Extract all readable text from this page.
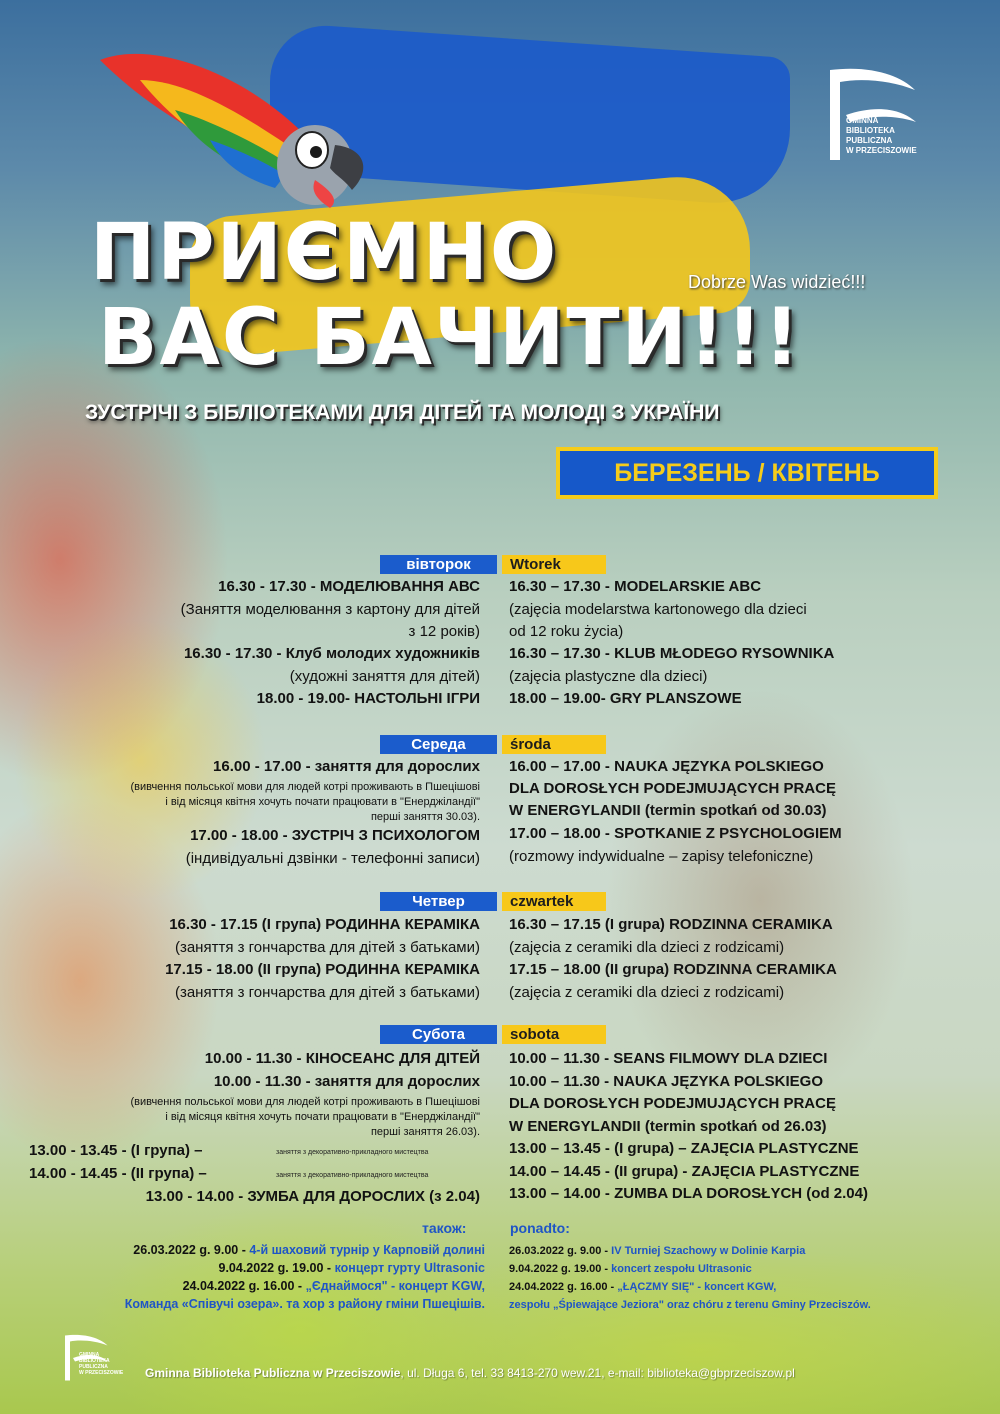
GMINNA
BIBLIOTEKA
PUBLICZNA
W PRZECISZOWIE
ПРИЄМНО	Dobrze Was widzieć!!!
ВАС БАЧИТИ!!!
ЗУСТРІЧІ З БІБЛІОТЕКАМИ ДЛЯ ДІТЕЙ ТА МОЛОДІ З УКРАЇНИ
БЕРЕЗЕНЬ / КВІТЕНЬ
вівторок	Wtorek
16.30 - 17.30 - МОДЕЛЮВАННЯ АВС
(Заняття моделювання з картону для дітей
з 12 років)
16.30 - 17.30 - Клуб молодих художників
(художні заняття для дітей)
18.00 - 19.00- НАСТОЛЬНІ ІГРИ
16.30 – 17.30 - MODELARSKIE ABC
(zajęcia modelarstwa kartonowego dla dzieci
od 12 roku życia)
16.30 – 17.30 - KLUB MŁODEGO RYSOWNIKA
(zajęcia plastyczne dla dzieci)
18.00 – 19.00- GRY PLANSZOWE
Середа	środa
16.00 - 17.00 - заняття для дорослих
(вивчення польської мови для людей котрі проживають в Пшецішові
і від місяця квітня хочуть почати працювати в "Енерджіландії"
перші заняття 30.03).
17.00 - 18.00 - ЗУСТРІЧ З ПСИХОЛОГОМ
(індивідуальні дзвінки - телефонні записи)
16.00 – 17.00 - NAUKA JĘZYKA POLSKIEGO
DLA DOROSŁYCH PODEJMUJĄCYCH PRACĘ
W ENERGYLANDII (termin spotkań od 30.03)
17.00 – 18.00 - SPOTKANIE Z PSYCHOLOGIEM
(rozmowy indywidualne – zapisy telefoniczne)
Четвер	czwartek
16.30 - 17.15 (I група) РОДИННА КЕРАМІКА
(заняття з гончарства для дітей з батьками)
17.15 - 18.00 (II група) РОДИННА КЕРАМІКА
(заняття з гончарства для дітей з батьками)
16.30 – 17.15 (I grupa) RODZINNA CERAMIKA
(zajęcia z ceramiki dla dzieci z rodzicami)
17.15 – 18.00 (II grupa) RODZINNA CERAMIKA
(zajęcia z ceramiki dla dzieci z rodzicami)
Субота	sobota
10.00 - 11.30 - КІНОСЕАНС ДЛЯ ДІТЕЙ
10.00 - 11.30 - заняття для дорослих
(вивчення польської мови для людей котрі проживають в Пшецішові
і від місяця квітня хочуть почати працювати в "Енерджіландії"
перші заняття 26.03).
13.00 - 13.45 - (I група) –	заняття з декоративно-прикладного мистецтва
14.00 - 14.45 - (II група) –	заняття з декоративно-прикладного мистецтва
13.00 - 14.00 - ЗУМБА ДЛЯ ДОРОСЛИХ (з 2.04)
10.00 – 11.30 - SEANS FILMOWY DLA DZIECI
10.00 – 11.30 - NAUKA JĘZYKA POLSKIEGO
DLA DOROSŁYCH PODEJMUJĄCYCH PRACĘ
W ENERGYLANDII (termin spotkań od 26.03)
13.00 – 13.45 - (I grupa) – ZAJĘCIA PLASTYCZNE
14.00 – 14.45 - (II grupa) - ZAJĘCIA PLASTYCZNE
13.00 – 14.00 - ZUMBA DLA DOROSŁYCH (od 2.04)
також:	ponadto:
26.03.2022 g. 9.00 - 4-й шаховий турнір у Карповій долині
9.04.2022 g. 19.00 - концерт гурту Ultrasonic
24.04.2022 g. 16.00 - „Єднаймося" - концерт KGW,
Команда «Співучі озера». та хор з району гміни Пшецішів.
26.03.2022 g. 9.00 - IV Turniej Szachowy w Dolinie Karpia
9.04.2022 g. 19.00 - koncert zespołu Ultrasonic
24.04.2022 g. 16.00 - „ŁĄCZMY SIĘ" - koncert KGW,
zespołu „Śpiewające Jeziora" oraz chóru z terenu Gminy Przeciszów.
GMINNA
BIBLIOTEKA
PUBLICZNA
W PRZECISZOWIE Gminna Biblioteka Publiczna w Przeciszowie, ul. Długa 6, tel. 33 8413-270 wew.21, e-mail: biblioteka@gbprzeciszow.pl
